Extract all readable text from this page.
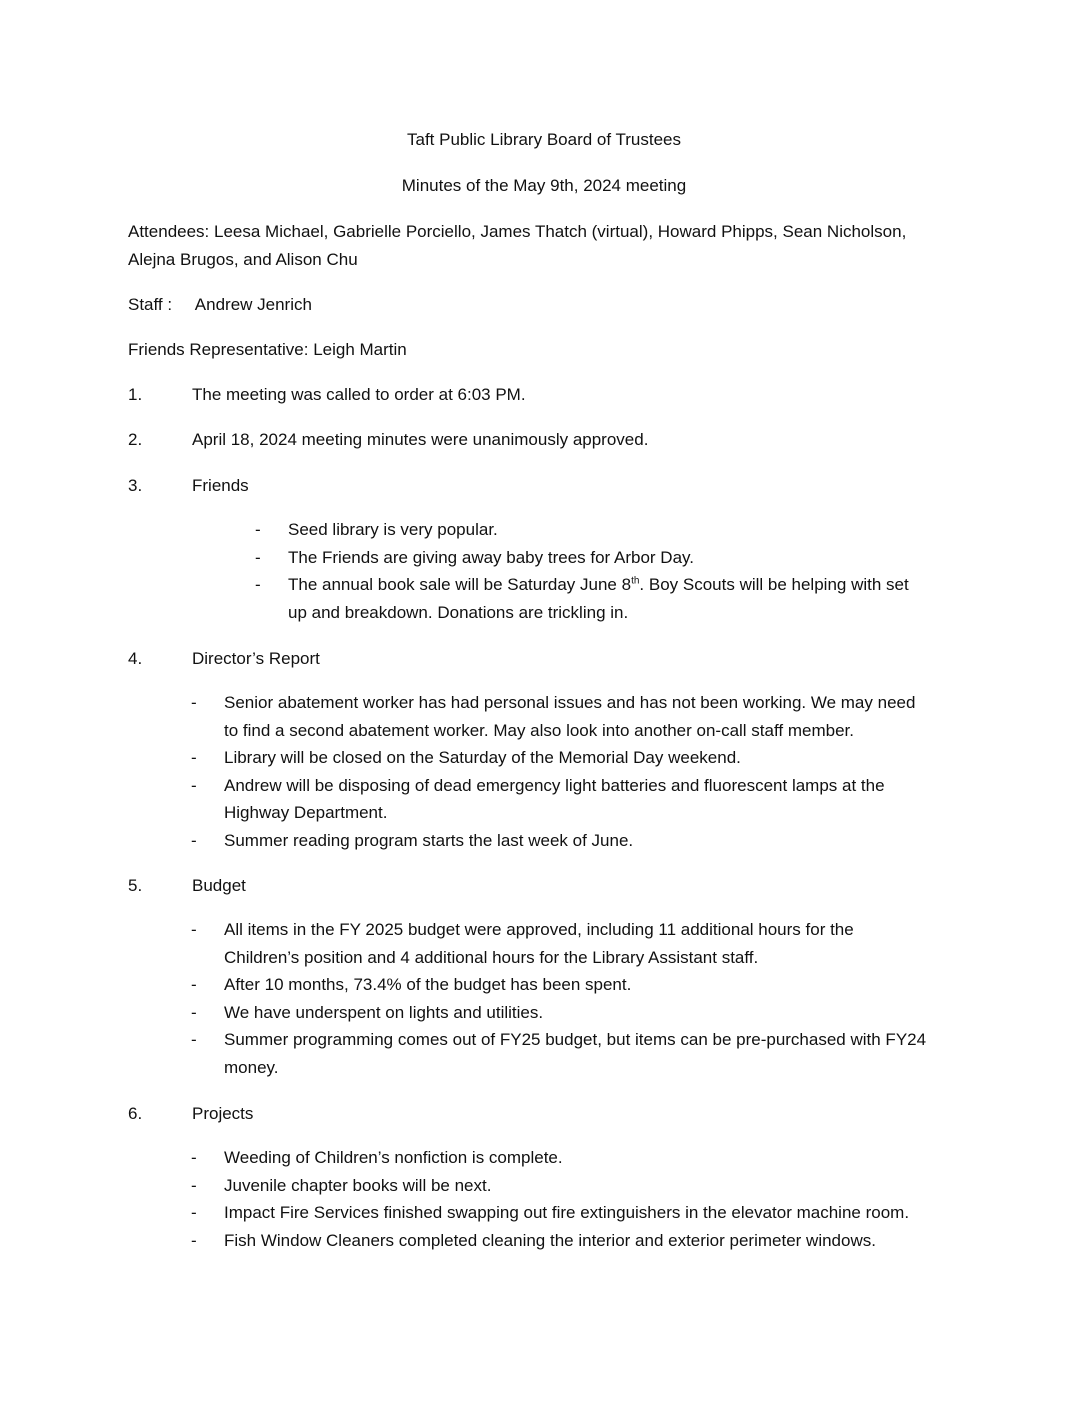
Taft Public Library Board of Trustees
Minutes of the May 9th, 2024 meeting
Attendees: Leesa Michael, Gabrielle Porciello, James Thatch (virtual), Howard Phipps, Sean Nicholson,
Alejna Brugos, and Alison Chu
Staff :     Andrew Jenrich
Friends Representative: Leigh Martin
1.	The meeting was called to order at 6:03 PM.
2.	April 18, 2024 meeting minutes were unanimously approved.
3.	Friends
- Seed library is very popular.
- The Friends are giving away baby trees for Arbor Day.
- The annual book sale will be Saturday June 8th. Boy Scouts will be helping with set
up and breakdown. Donations are trickling in.
4.	Director’s Report
- Senior abatement worker has had personal issues and has not been working. We may need
to find a second abatement worker. May also look into another on-call staff member.
- Library will be closed on the Saturday of the Memorial Day weekend.
- Andrew will be disposing of dead emergency light batteries and fluorescent lamps at the
Highway Department.
- Summer reading program starts the last week of June.
5.	Budget
- All items in the FY 2025 budget were approved, including 11 additional hours for the
Children’s position and 4 additional hours for the Library Assistant staff.
- After 10 months, 73.4% of the budget has been spent.
- We have underspent on lights and utilities.
- Summer programming comes out of FY25 budget, but items can be pre-purchased with FY24
money.
6.	Projects
- Weeding of Children’s nonfiction is complete.
- Juvenile chapter books will be next.
- Impact Fire Services finished swapping out fire extinguishers in the elevator machine room.
- Fish Window Cleaners completed cleaning the interior and exterior perimeter windows.
